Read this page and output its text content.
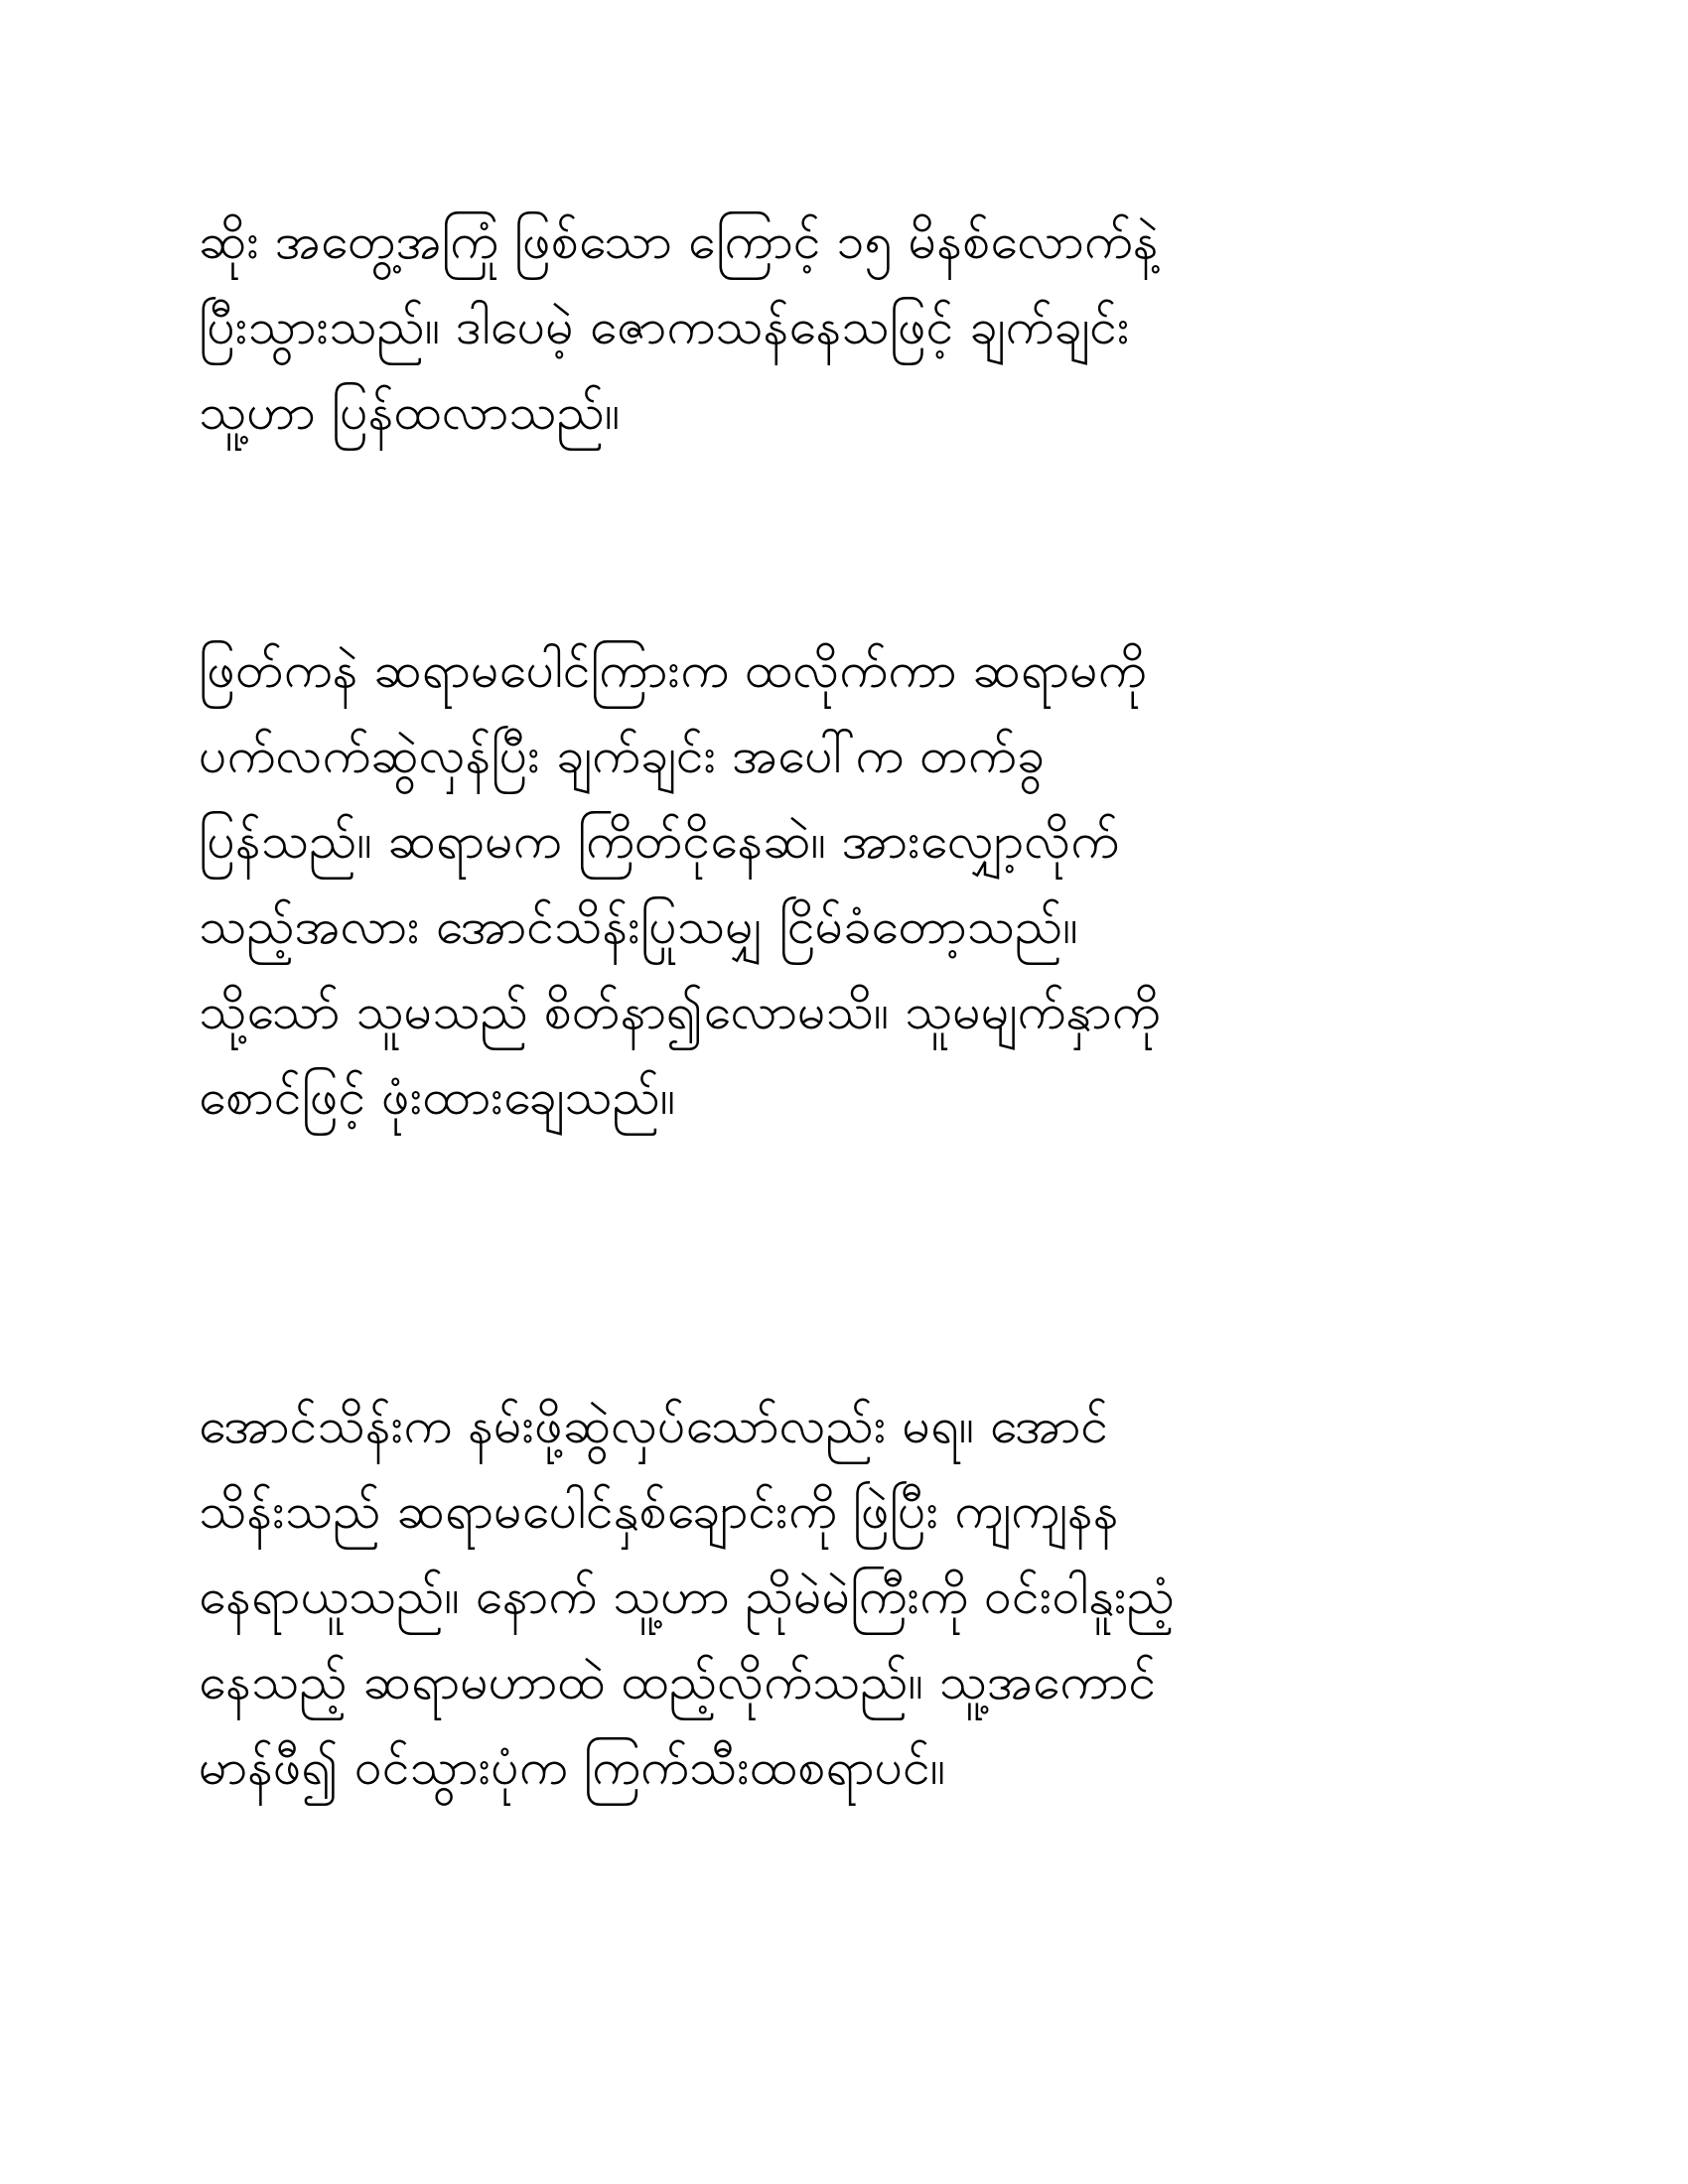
ဆိုး အတွေ့အကြုံ ဖြစ်သော ကြောင့် ၁၅ မိနစ်လောက်နဲ့
ပြီးသွားသည်။ ဒါပေမဲ့ ဇောကသန်နေသဖြင့် ချက်ချင်း
သူ့ဟာ ပြန်ထလာသည်။
ဖြတ်ကနဲ ဆရာမပေါင်ကြားက ထလိုက်ကာ ဆရာမကို
ပက်လက်ဆွဲလှန်ပြီး ချက်ချင်း အပေါ်က တက်ခွ
ပြန်သည်။ ဆရာမက ကြိတ်ငိုနေဆဲ။ အားလျှော့လိုက်
သည့်အလား အောင်သိန်းပြုသမျှ ငြိမ်ခံတော့သည်။
သို့သော် သူမသည် စိတ်နာ၍လောမသိ။ သူမမျက်နှာကို
စောင်ဖြင့် ဖုံးထားချေသည်။
အောင်သိန်းက နမ်းဖို့ဆွဲလှပ်သော်လည်း မရ။ အောင်
သိန်းသည် ဆရာမပေါင်နှစ်ချောင်းကို ဖြဲပြီး ကျကျနန
နေရာယူသည်။ နောက် သူ့ဟာ ညိုမဲမဲကြီးကို ဝင်းဝါနူးညံ့
နေသည့် ဆရာမဟာထဲ ထည့်လိုက်သည်။ သူ့အကောင်
မာန်ဖီ၍ ဝင်သွားပုံက ကြက်သီးထစရာပင်။
